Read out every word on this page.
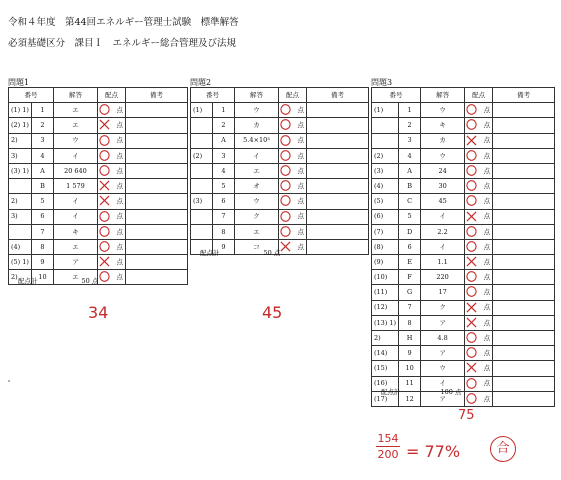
令和４年度　第44回エネルギー管理士試験　標準解答
必須基礎区分　課目Ｉ　エネルギー総合管理及び法規
問題1
番号		解答	配点	備考
(1) 1)	1	エ	点	
(2) 1)	2	エ	点	
2)	3	ウ	点	
3)	4	イ	点	
(3) 1)	A	20 640	点	
	B	1 579	点	
2)	5	イ	点	
3)	6	イ	点	
	7	キ	点	
(4)	8	エ	点	
(5) 1)	9	ア	点	
2)	10	エ	点	
配点計	50 点
34
問題2
番号		解答	配点	備考
(1)	1	ウ	点	
	2	カ	点	
	A	5.4×10³	点	
(2)	3	イ	点	
	4	エ	点	
	5	オ	点	
(3)	6	ウ	点	
	7	ク	点	
	8	エ	点	
	9	コ	点	
配点計	50 点
45
問題3
番号		解答	配点	備考
(1)	1	ウ	点	
	2	キ	点	
	3	カ	点	
(2)	4	ウ	点	
(3)	A	24	点	
(4)	B	30	点	
(5)	C	45	点	
(6)	5	イ	点	
(7)	D	2.2	点	
(8)	6	イ	点	
(9)	E	1.1	点	
(10)	F	220	点	
(11)	G	17	点	
(12)	7	ク	点	
(13) 1)	8	ア	点	
2)	H	4.8	点	
(14)	9	ア	点	
(15)	10	ウ	点	
(16)	11	イ	点	
(17)	12	ア	点	
配点計	100 点
75
154
200 = 77%	合
